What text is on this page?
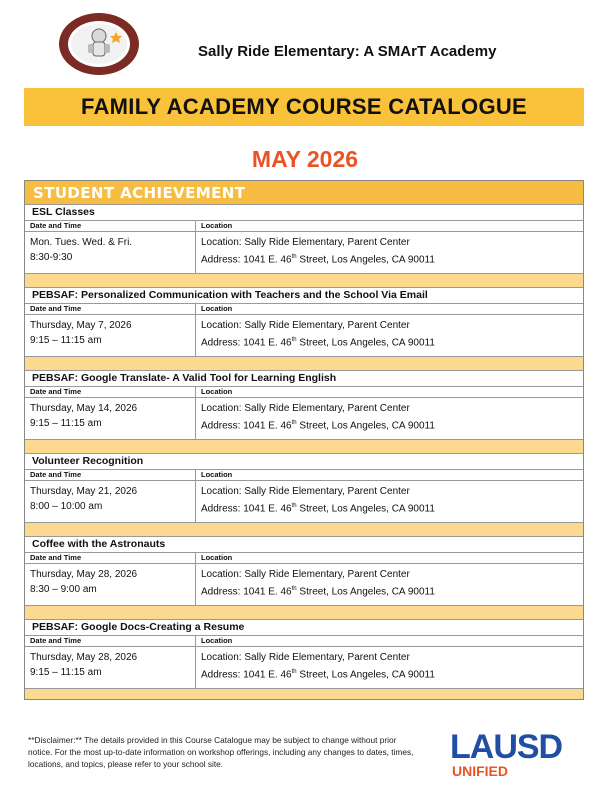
Sally Ride Elementary: A SMArT Academy
FAMILY ACADEMY COURSE CATALOGUE
MAY 2026
STUDENT ACHIEVEMENT
ESL Classes
Date and Time	Location
Mon. Tues. Wed. & Fri.
8:30-9:30
Location: Sally Ride Elementary, Parent Center
Address: 1041 E. 46th Street, Los Angeles, CA 90011
PEBSAF: Personalized Communication with Teachers and the School Via Email
Date and Time	Location
Thursday, May 7, 2026
9:15 – 11:15 am
Location: Sally Ride Elementary, Parent Center
Address: 1041 E. 46th Street, Los Angeles, CA 90011
PEBSAF: Google Translate- A Valid Tool for Learning English
Date and Time	Location
Thursday, May 14, 2026
9:15 – 11:15 am
Location: Sally Ride Elementary, Parent Center
Address: 1041 E. 46th Street, Los Angeles, CA 90011
Volunteer Recognition
Date and Time	Location
Thursday, May 21, 2026
8:00 – 10:00 am
Location: Sally Ride Elementary, Parent Center
Address: 1041 E. 46th Street, Los Angeles, CA 90011
Coffee with the Astronauts
Date and Time	Location
Thursday, May 28, 2026
8:30 – 9:00 am
Location: Sally Ride Elementary, Parent Center
Address: 1041 E. 46th Street, Los Angeles, CA 90011
PEBSAF: Google Docs-Creating a Resume
Date and Time	Location
Thursday, May 28, 2026
9:15 – 11:15 am
Location: Sally Ride Elementary, Parent Center
Address: 1041 E. 46th Street, Los Angeles, CA 90011
**Disclaimer:** The details provided in this Course Catalogue may be subject to change without prior notice. For the most up-to-date information on workshop offerings, including any changes to dates, times, locations, and topics, please refer to your school site.	LAUSD
UNIFIED
